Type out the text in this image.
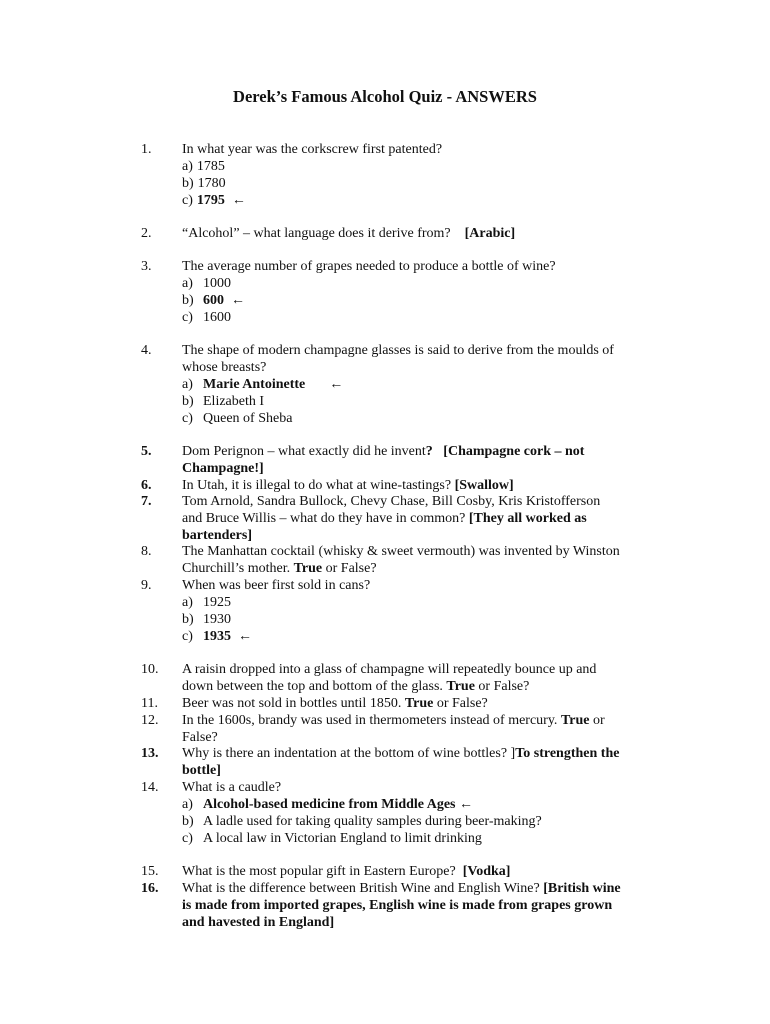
Derek’s Famous Alcohol Quiz - ANSWERS
1. In what year was the corkscrew first patented?
a) 1785
b) 1780
c) 1795 ←
2. “Alcohol” – what language does it derive from? [Arabic]
3. The average number of grapes needed to produce a bottle of wine?
a) 1000
b) 600 ←
c) 1600
4. The shape of modern champagne glasses is said to derive from the moulds of
whose breasts?
a) Marie Antoinette ←
b) Elizabeth I
c) Queen of Sheba
5. Dom Perignon – what exactly did he invent? [Champagne cork – not
Champagne!]
6. In Utah, it is illegal to do what at wine-tastings? [Swallow]
7. Tom Arnold, Sandra Bullock, Chevy Chase, Bill Cosby, Kris Kristofferson
and Bruce Willis – what do they have in common? [They all worked as
bartenders]
8. The Manhattan cocktail (whisky & sweet vermouth) was invented by Winston
Churchill’s mother. True or False?
9. When was beer first sold in cans?
a) 1925
b) 1930
c) 1935 ←
10. A raisin dropped into a glass of champagne will repeatedly bounce up and
down between the top and bottom of the glass. True or False?
11. Beer was not sold in bottles until 1850. True or False?
12. In the 1600s, brandy was used in thermometers instead of mercury. True or
False?
13. Why is there an indentation at the bottom of wine bottles? ]To strengthen the
bottle]
14. What is a caudle?
a) Alcohol-based medicine from Middle Ages ←
b) A ladle used for taking quality samples during beer-making?
c) A local law in Victorian England to limit drinking
15. What is the most popular gift in Eastern Europe? [Vodka]
16. What is the difference between British Wine and English Wine? [British wine
is made from imported grapes, English wine is made from grapes grown
and havested in England]
